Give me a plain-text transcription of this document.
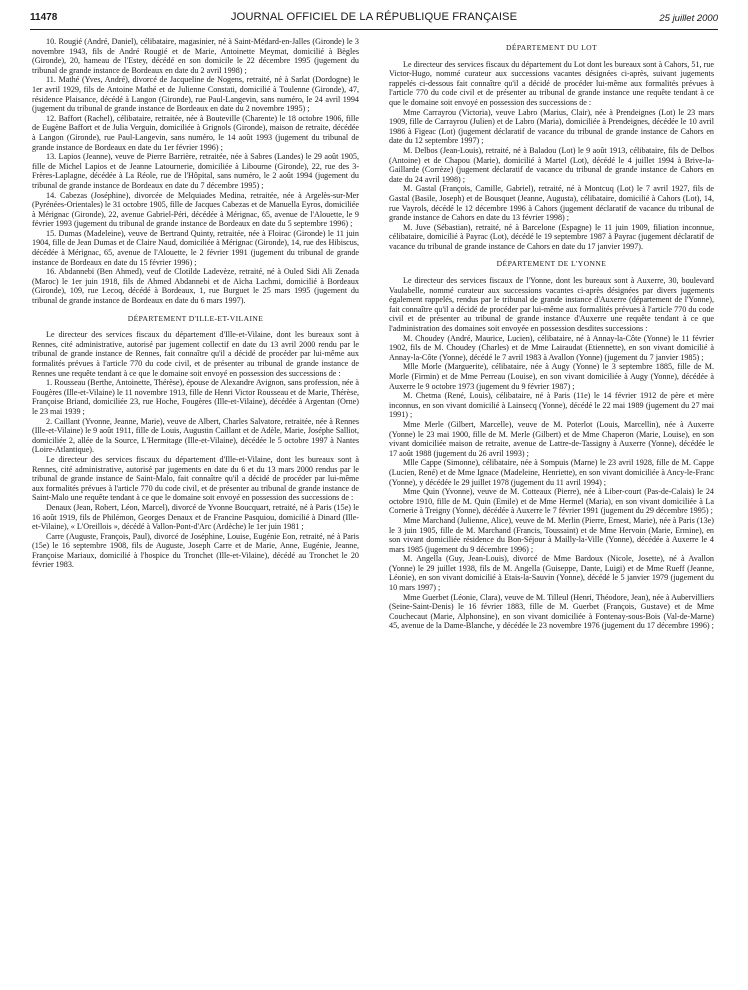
11478	JOURNAL OFFICIEL DE LA RÉPUBLIQUE FRANÇAISE	25 juillet 2000

10. Rougié (André, Daniel), célibataire, magasinier, né à Saint-Médard-en-Jalles (Gironde) le 3 novembre 1943, fils de André Rougié et de Marie, Antoinette Meymat, domicilié à Bègles (Gironde), 20, hameau de l'Estey, décédé en son domicile le 22 décembre 1995 (jugement du tribunal de grande instance de Bordeaux en date du 2 avril 1998) ;

11. Mathé (Yves, André), divorcé de Jacqueline de Nogens, retraité, né à Sarlat (Dordogne) le 1er avril 1929, fils de Antoine Mathé et de Julienne Constati, domicilié à Toulenne (Gironde), 47, résidence Plaisance, décédé à Langon (Gironde), rue Paul-Langevin, sans numéro, le 24 avril 1994 (jugement du tribunal de grande instance de Bordeaux en date du 2 novembre 1995) ;

12. Baffort (Rachel), célibataire, retraitée, née à Bouteville (Charente) le 18 octobre 1906, fille de Eugène Baffort et de Julia Verguin, domiciliée à Grignols (Gironde), maison de retraite, décédée à Langon (Gironde), rue Paul-Langevin, sans numéro, le 14 août 1993 (jugement du tribunal de grande instance de Bordeaux en date du 1er février 1996) ;

13. Lapios (Jeanne), veuve de Pierre Barrière, retraitée, née à Sabres (Landes) le 29 août 1905, fille de Michel Lapios et de Jeanne Latournerie, domiciliée à Libourne (Gironde), 22, rue des 3-Frères-Laplagne, décédée à La Réole, rue de l'Hôpital, sans numéro, le 2 août 1994 (jugement du tribunal de grande instance de Bordeaux en date du 7 décembre 1995) ;

14. Cabezas (Joséphine), divorcée de Melquiades Medina, retraitée, née à Argelès-sur-Mer (Pyrénées-Orientales) le 31 octobre 1905, fille de Jacques Cabezas et de Manuella Eyros, domiciliée à Mérignac (Gironde), 22, avenue Gabriel-Péri, décédée à Mérignac, 65, avenue de l'Alouette, le 9 février 1993 (jugement du tribunal de grande instance de Bordeaux en date du 5 septembre 1996) ;

15. Dumas (Madeleine), veuve de Bertrand Quinty, retraitée, née à Floirac (Gironde) le 11 juin 1904, fille de Jean Dumas et de Claire Naud, domiciliée à Mérignac (Gironde), 14, rue des Hibiscus, décédée à Mérignac, 65, avenue de l'Alouette, le 2 février 1991 (jugement du tribunal de grande instance de Bordeaux en date du 15 février 1996) ;

16. Abdannebi (Ben Ahmed), veuf de Clotilde Ladevèze, retraité, né à Ouled Sidi Ali Zenada (Maroc) le 1er juin 1918, fils de Ahmed Abdannebi et de Aïcha Lachmi, domicilié à Bordeaux (Gironde), 109, rue Lecoq, décédé à Bordeaux, 1, rue Burguet le 25 mars 1995 (jugement du tribunal de grande instance de Bordeaux en date du 6 mars 1997).

DÉPARTEMENT D'ILLE-ET-VILAINE

Le directeur des services fiscaux du département d'Ille-et-Vilaine, dont les bureaux sont à Rennes, cité administrative, autorisé par jugement collectif en date du 13 avril 2000 rendu par le tribunal de grande instance de Rennes, fait connaître qu'il a décidé de procéder par lui-même aux formalités prévues à l'article 770 du code civil, et de présenter au tribunal de grande instance de Rennes une requête tendant à ce que le domaine soit envoyé en possession des successions de :

1. Rousseau (Berthe, Antoinette, Thérèse), épouse de Alexandre Avignon, sans profession, née à Fougères (Ille-et-Vilaine) le 11 novembre 1913, fille de Henri Victor Rousseau et de Marie, Thérèse, Françoise Briand, domiciliée 23, rue Hoche, Fougères (Ille-et-Vilaine), décédée à Argentan (Orne) le 23 mai 1939 ;

2. Caillant (Yvonne, Jeanne, Marie), veuve de Albert, Charles Salvatore, retraitée, née à Rennes (Ille-et-Vilaine) le 9 août 1911, fille de Louis, Augustin Caillant et de Adèle, Marie, Joséphe Salliot, domiciliée 2, allée de la Source, L'Hermitage (Ille-et-Vilaine), décédée le 5 octobre 1997 à Nantes (Loire-Atlantique).

Le directeur des services fiscaux du département d'Ille-et-Vilaine, dont les bureaux sont à Rennes, cité administrative, autorisé par jugements en date du 6 et du 13 mars 2000 rendus par le tribunal de grande instance de Saint-Malo, fait connaître qu'il a décidé de procéder par lui-même aux formalités prévues à l'article 770 du code civil, et de présenter au tribunal de grande instance de Saint-Malo une requête tendant à ce que le domaine soit envoyé en possession des successions de :

Denaux (Jean, Robert, Léon, Marcel), divorcé de Yvonne Boucquart, retraité, né à Paris (15e) le 16 août 1919, fils de Philémon, Georges Denaux et de Francine Pasquiou, domicilié à Dinard (Ille-et-Vilaine), « L'Oreillois », décédé à Vallon-Pont-d'Arc (Ardèche) le 1er juin 1981 ;

Carre (Auguste, François, Paul), divorcé de Joséphine, Louise, Eugénie Eon, retraité, né à Paris (15e) le 16 septembre 1908, fils de Auguste, Joseph Carre et de Marie, Anne, Eugénie, Jeanne, Françoise Mariaux, domicilié à l'hospice du Tronchet (Ille-et-Vilaine), décédé au Tronchet le 20 février 1983.

DÉPARTEMENT DU LOT

Le directeur des services fiscaux du département du Lot dont les bureaux sont à Cahors, 51, rue Victor-Hugo, nommé curateur aux successions vacantes désignées ci-après, suivant jugements rappelés ci-dessous fait connaître qu'il a décidé de procéder lui-même aux formalités prévues à l'article 770 du code civil et de présenter au tribunal de grande instance une requête tendant à ce que le domaine soit envoyé en possession des successions de :

Mme Carrayrou (Victoria), veuve Labro (Marius, Clair), née à Prendeignes (Lot) le 23 mars 1909, fille de Carrayrou (Julien) et de Labro (Maria), domiciliée à Prendeignes, décédée le 10 avril 1986 à Figeac (Lot) (jugement déclaratif de vacance du tribunal de grande instance de Cahors en date du 12 septembre 1997) ;

M. Delbos (Jean-Louis), retraité, né à Baladou (Lot) le 9 août 1913, célibataire, fils de Delbos (Antoine) et de Chapou (Marie), domicilié à Martel (Lot), décédé le 4 juillet 1994 à Brive-la-Gaillarde (Corrèze) (jugement déclaratif de vacance du tribunal de grande instance de Cahors en date du 24 avril 1998) ;

M. Gastal (François, Camille, Gabriel), retraité, né à Montcuq (Lot) le 7 avril 1927, fils de Gastal (Basile, Joseph) et de Bousquet (Jeanne, Augusta), célibataire, domicilié à Cahors (Lot), 14, rue Vayrols, décédé le 12 décembre 1996 à Cahors (jugement déclaratif de vacance du tribunal de grande instance de Cahors en date du 13 février 1998) ;

M. Juve (Sébastian), retraité, né à Barcelone (Espagne) le 11 juin 1909, filiation inconnue, célibataire, domicilié à Payrac (Lot), décédé le 19 septembre 1987 à Payrac (jugement déclaratif de vacance du tribunal de grande instance de Cahors en date du 17 janvier 1997).

DÉPARTEMENT DE L'YONNE

Le directeur des services fiscaux de l'Yonne, dont les bureaux sont à Auxerre, 30, boulevard Vaulabelle, nommé curateur aux successions vacantes ci-après désignées par divers jugements également rappelés, rendus par le tribunal de grande instance d'Auxerre (département de l'Yonne), fait connaître qu'il a décidé de procéder par lui-même aux formalités prévues à l'article 770 du code civil et de présenter au tribunal de grande instance d'Auxerre une requête tendant à ce que l'administration des domaines soit envoyée en possession desdites successions :

M. Choudey (André, Maurice, Lucien), célibataire, né à Annay-la-Côte (Yonne) le 11 février 1902, fils de M. Choudey (Charles) et de Mme Lairaudat (Etiennette), en son vivant domicilié à Annay-la-Côte (Yonne), décédé le 7 avril 1983 à Avallon (Yonne) (jugement du 7 janvier 1985) ;

Mlle Morle (Marguerite), célibataire, née à Augy (Yonne) le 3 septembre 1885, fille de M. Morle (Firmin) et de Mme Perreau (Louise), en son vivant domiciliée à Augy (Yonne), décédée à Auxerre le 9 octobre 1973 (jugement du 9 février 1987) ;

M. Chetma (René, Louis), célibataire, né à Paris (11e) le 14 février 1912 de père et mère inconnus, en son vivant domicilié à Lainsecq (Yonne), décédé le 22 mai 1989 (jugement du 27 mai 1991) ;

Mme Merle (Gilbert, Marcelle), veuve de M. Poterlot (Louis, Marcellin), née à Auxerre (Yonne) le 23 mai 1900, fille de M. Merle (Gilbert) et de Mme Chaperon (Marie, Louise), en son vivant domiciliée maison de retraite, avenue de Lattre-de-Tassigny à Auxerre (Yonne), décédée le 17 août 1988 (jugement du 26 avril 1993) ;

Mlle Cappe (Simonne), célibataire, née à Sompuis (Marne) le 23 avril 1928, fille de M. Cappe (Lucien, René) et de Mme Ignace (Madeleine, Henriette), en son vivant domiciliée à Ancy-le-Franc (Yonne), y décédée le 29 juillet 1978 (jugement du 11 avril 1994) ;

Mme Quin (Yvonne), veuve de M. Cotteaux (Pierre), née à Liber-court (Pas-de-Calais) le 24 octobre 1910, fille de M. Quin (Emile) et de Mme Hermel (Maria), en son vivant domiciliée à La Cornerie à Treigny (Yonne), décédée à Auxerre le 7 février 1991 (jugement du 29 décembre 1995) ;

Mme Marchand (Julienne, Alice), veuve de M. Merlin (Pierre, Ernest, Marie), née à Paris (13e) le 3 juin 1905, fille de M. Marchand (Francis, Toussaint) et de Mme Hervoin (Marie, Ermine), en son vivant domiciliée résidence du Bon-Séjour à Mailly-la-Ville (Yonne), décédée à Auxerre le 4 mars 1985 (jugement du 9 décembre 1996) ;

M. Angella (Guy, Jean-Louis), divorcé de Mme Bardoux (Nicole, Josette), né à Avallon (Yonne) le 29 juillet 1938, fils de M. Angella (Guiseppe, Dante, Luigi) et de Mme Rueff (Jeanne, Léonie), en son vivant domicilié à Etais-la-Sauvin (Yonne), décédé le 5 janvier 1979 (jugement du 10 mars 1997) ;

Mme Guerbet (Léonie, Clara), veuve de M. Tilleul (Henri, Théodore, Jean), née à Aubervilliers (Seine-Saint-Denis) le 16 février 1883, fille de M. Guerbet (François, Gustave) et de Mme Couchecaut (Marie, Alphonsine), en son vivant domiciliée à Fontenay-sous-Bois (Val-de-Marne) 45, avenue de la Dame-Blanche, y décédée le 23 novembre 1976 (jugement du 17 décembre 1996) ;
